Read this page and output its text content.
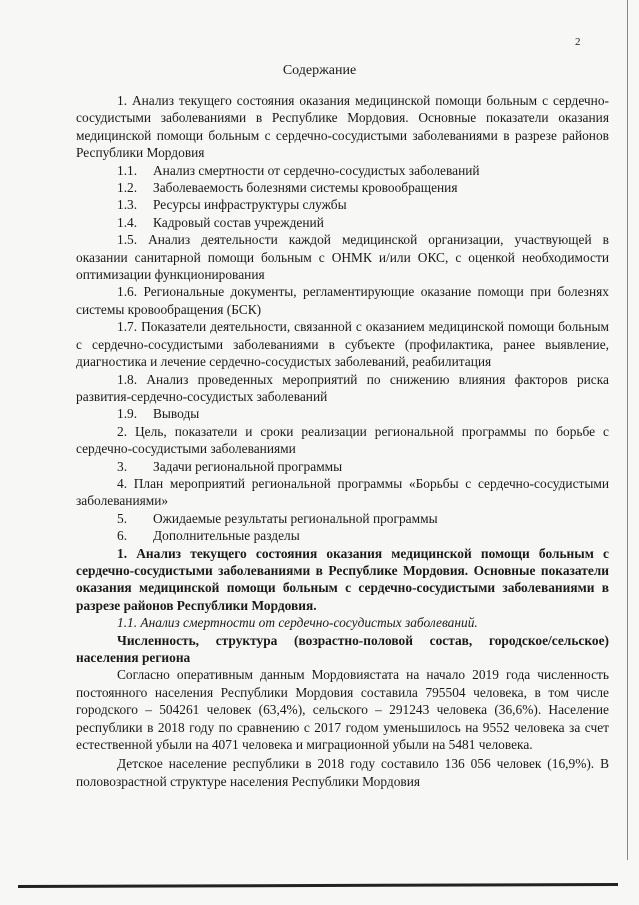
2
Содержание

1. Анализ текущего состояния оказания медицинской помощи больным с сердечно-сосудистыми заболеваниями в Республике Мордовия. Основные показатели оказания медицинской помощи больным с сердечно-сосудистыми заболеваниями в разрезе районов Республики Мордовия

1.1.	Анализ смертности от сердечно-сосудистых заболеваний

1.2.	Заболеваемость болезнями системы кровообращения

1.3.	Ресурсы инфраструктуры службы

1.4.	Кадровый состав учреждений

1.5. Анализ деятельности каждой медицинской организации, участвующей в оказании санитарной помощи больным с ОНМК и/или ОКС, с оценкой необходимости оптимизации функционирования

1.6. Региональные документы, регламентирующие оказание помощи при болезнях системы кровообращения (БСК)

1.7. Показатели деятельности, связанной с оказанием медицинской помощи больным с сердечно-сосудистыми заболеваниями в субъекте (профилактика, ранее выявление, диагностика и лечение сердечно-сосудистых заболеваний, реабилитация

1.8. Анализ проведенных мероприятий по снижению влияния факторов риска развития-сердечно-сосудистых заболеваний

1.9.	Выводы

2. Цель, показатели и сроки реализации региональной программы по борьбе с сердечно-сосудистыми заболеваниями

3.	Задачи региональной программы

4. План мероприятий региональной программы «Борьбы с сердечно-сосудистыми заболеваниями»

5.	Ожидаемые результаты региональной программы

6.	Дополнительные разделы

1. Анализ текущего состояния оказания медицинской помощи больным с сердечно-сосудистыми заболеваниями в Республике Мордовия. Основные показатели оказания медицинской помощи больным с сердечно-сосудистыми заболеваниями в разрезе районов Республики Мордовия.

1.1. Анализ смертности от сердечно-сосудистых заболеваний.

Численность, структура (возрастно-половой состав, городское/сельское) населения региона

Согласно оперативным данным Мордовиястата на начало 2019 года численность постоянного населения Республики Мордовия составила 795504 человека, в том числе городского – 504261 человек (63,4%), сельского – 291243 человека (36,6%). Население республики в 2018 году по сравнению с 2017 годом уменьшилось на 9552 человека за счет естественной убыли на 4071 человека и миграционной убыли на 5481 человека.

Детское население республики в 2018 году составило 136 056 человек (16,9%). В половозрастной структуре населения Республики Мордовия
